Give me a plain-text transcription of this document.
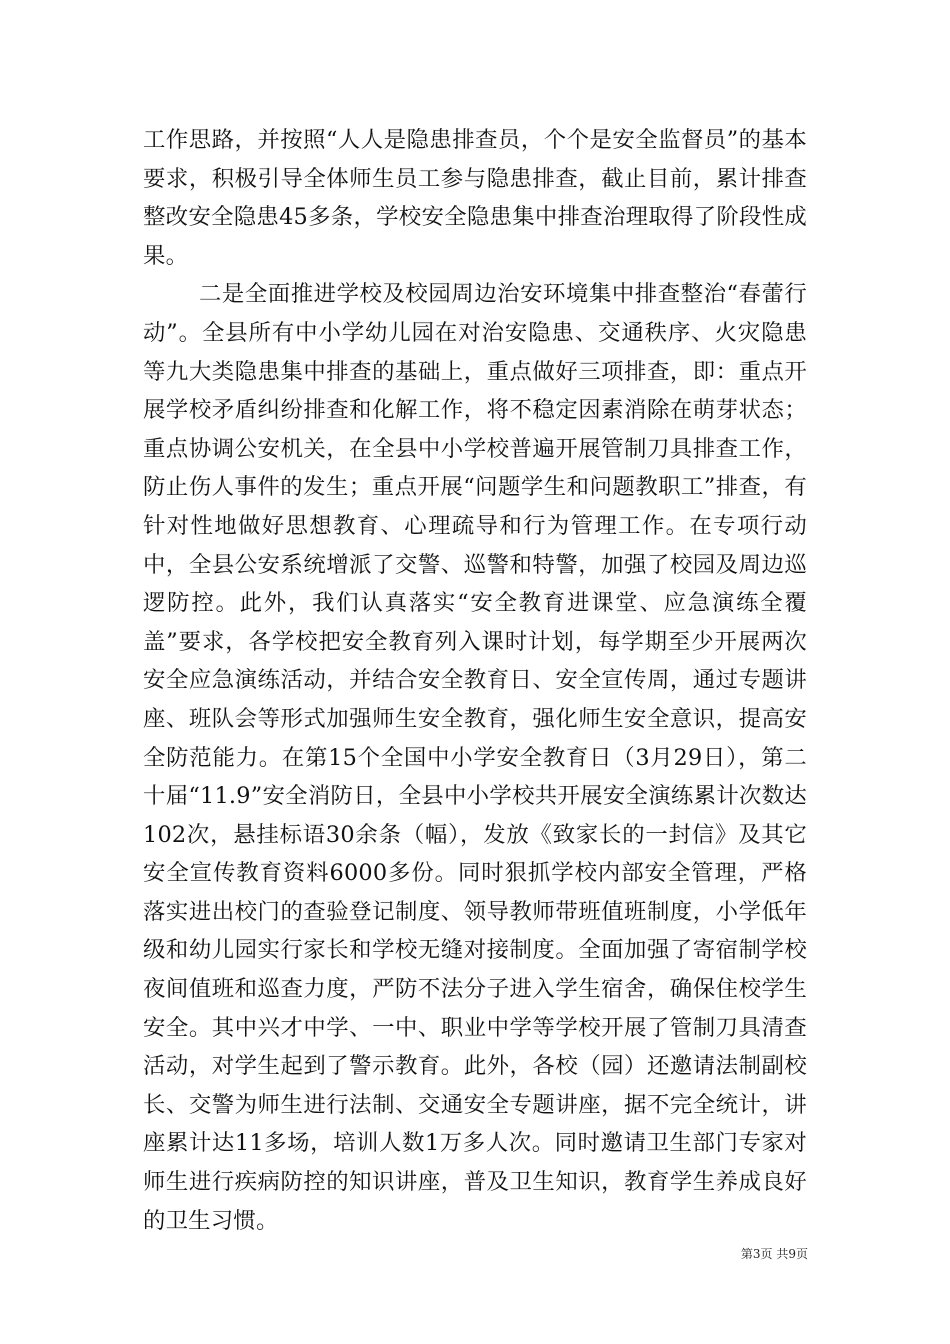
工作思路，并按照“人人是隐患排查员，个个是安全监督员”的基本要求，积极引导全体师生员工参与隐患排查，截止目前，累计排查整改安全隐患45多条，学校安全隐患集中排查治理取得了阶段性成果。

二是全面推进学校及校园周边治安环境集中排查整治“春蕾行动”。全县所有中小学幼儿园在对治安隐患、交通秩序、火灾隐患等九大类隐患集中排查的基础上，重点做好三项排查，即：重点开展学校矛盾纠纷排查和化解工作，将不稳定因素消除在萌芽状态；重点协调公安机关，在全县中小学校普遍开展管制刀具排查工作，防止伤人事件的发生；重点开展“问题学生和问题教职工”排查，有针对性地做好思想教育、心理疏导和行为管理工作。在专项行动中，全县公安系统增派了交警、巡警和特警，加强了校园及周边巡逻防控。此外，我们认真落实“安全教育进课堂、应急演练全覆盖”要求，各学校把安全教育列入课时计划，每学期至少开展两次安全应急演练活动，并结合安全教育日、安全宣传周，通过专题讲座、班队会等形式加强师生安全教育，强化师生安全意识，提高安全防范能力。在第15个全国中小学安全教育日（3月29日），第二十届“11.9”安全消防日，全县中小学校共开展安全演练累计次数达102次，悬挂标语30余条（幅），发放《致家长的一封信》及其它安全宣传教育资料6000多份。同时狠抓学校内部安全管理，严格落实进出校门的查验登记制度、领导教师带班值班制度，小学低年级和幼儿园实行家长和学校无缝对接制度。全面加强了寄宿制学校夜间值班和巡查力度，严防不法分子进入学生宿舍，确保住校学生安全。其中兴才中学、一中、职业中学等学校开展了管制刀具清查活动，对学生起到了警示教育。此外，各校（园）还邀请法制副校长、交警为师生进行法制、交通安全专题讲座，据不完全统计，讲座累计达11多场，培训人数1万多人次。同时邀请卫生部门专家对师生进行疾病防控的知识讲座，普及卫生知识，教育学生养成良好的卫生习惯。

第3页 共9页
